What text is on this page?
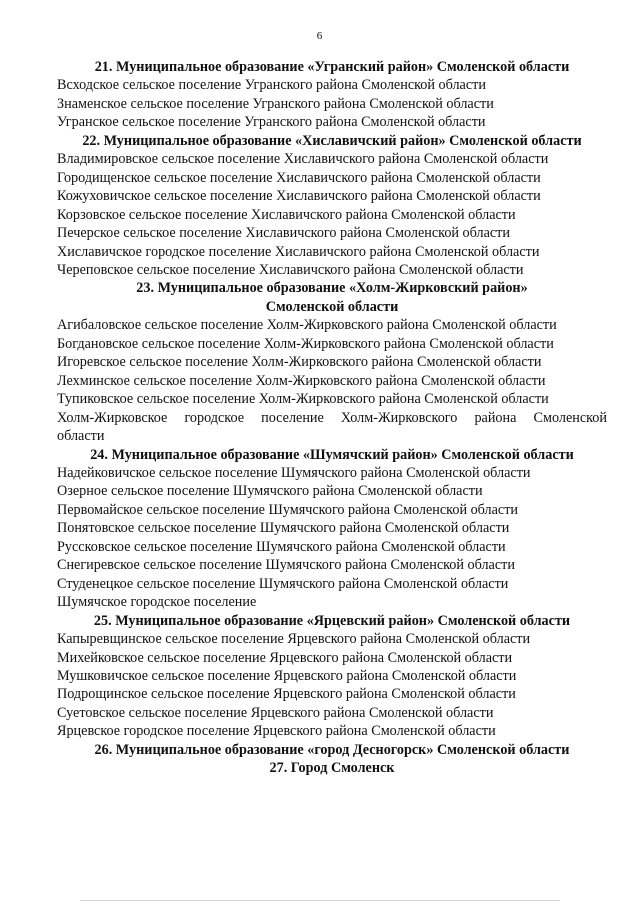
6
21. Муниципальное образование «Угранский район» Смоленской области
Всходское сельское поселение Угранского района Смоленской области
Знаменское сельское поселение Угранского района Смоленской области
Угранское сельское поселение Угранского района Смоленской области
22. Муниципальное образование «Хиславичский район» Смоленской области
Владимировское сельское поселение Хиславичского района Смоленской области
Городищенское сельское поселение Хиславичского района Смоленской области
Кожуховичское сельское поселение Хиславичского района Смоленской области
Корзовское сельское поселение Хиславичского района Смоленской области
Печерское сельское поселение Хиславичского района Смоленской области
Хиславичское городское поселение Хиславичского района Смоленской области
Череповское сельское поселение Хиславичского района Смоленской области
23. Муниципальное образование «Холм-Жирковский район»
Смоленской области
Агибаловское сельское поселение Холм-Жирковского района Смоленской области
Богдановское сельское поселение Холм-Жирковского района Смоленской области
Игоревское сельское поселение Холм-Жирковского района Смоленской области
Лехминское сельское поселение Холм-Жирковского района Смоленской области
Тупиковское сельское поселение Холм-Жирковского района Смоленской области
Холм-Жирковское городское поселение Холм-Жирковского района Смоленской
области
24. Муниципальное образование «Шумячский район» Смоленской области
Надейковичское сельское поселение Шумячского района Смоленской области
Озерное сельское поселение Шумячского района Смоленской области
Первомайское сельское поселение Шумячского района Смоленской области
Понятовское сельское поселение Шумячского района Смоленской области
Руссковское сельское поселение Шумячского района Смоленской области
Снегиревское сельское поселение Шумячского района Смоленской области
Студенецкое сельское поселение Шумячского района Смоленской области
Шумячское городское поселение
25. Муниципальное образование «Ярцевский район» Смоленской области
Капыревщинское сельское поселение Ярцевского района Смоленской области
Михейковское сельское поселение Ярцевского района Смоленской области
Мушковичское сельское поселение Ярцевского района Смоленской области
Подрощинское сельское поселение Ярцевского района Смоленской области
Суетовское сельское поселение Ярцевского района Смоленской области
Ярцевское городское поселение Ярцевского района Смоленской области
26. Муниципальное образование «город Десногорск» Смоленской области
27. Город Смоленск
